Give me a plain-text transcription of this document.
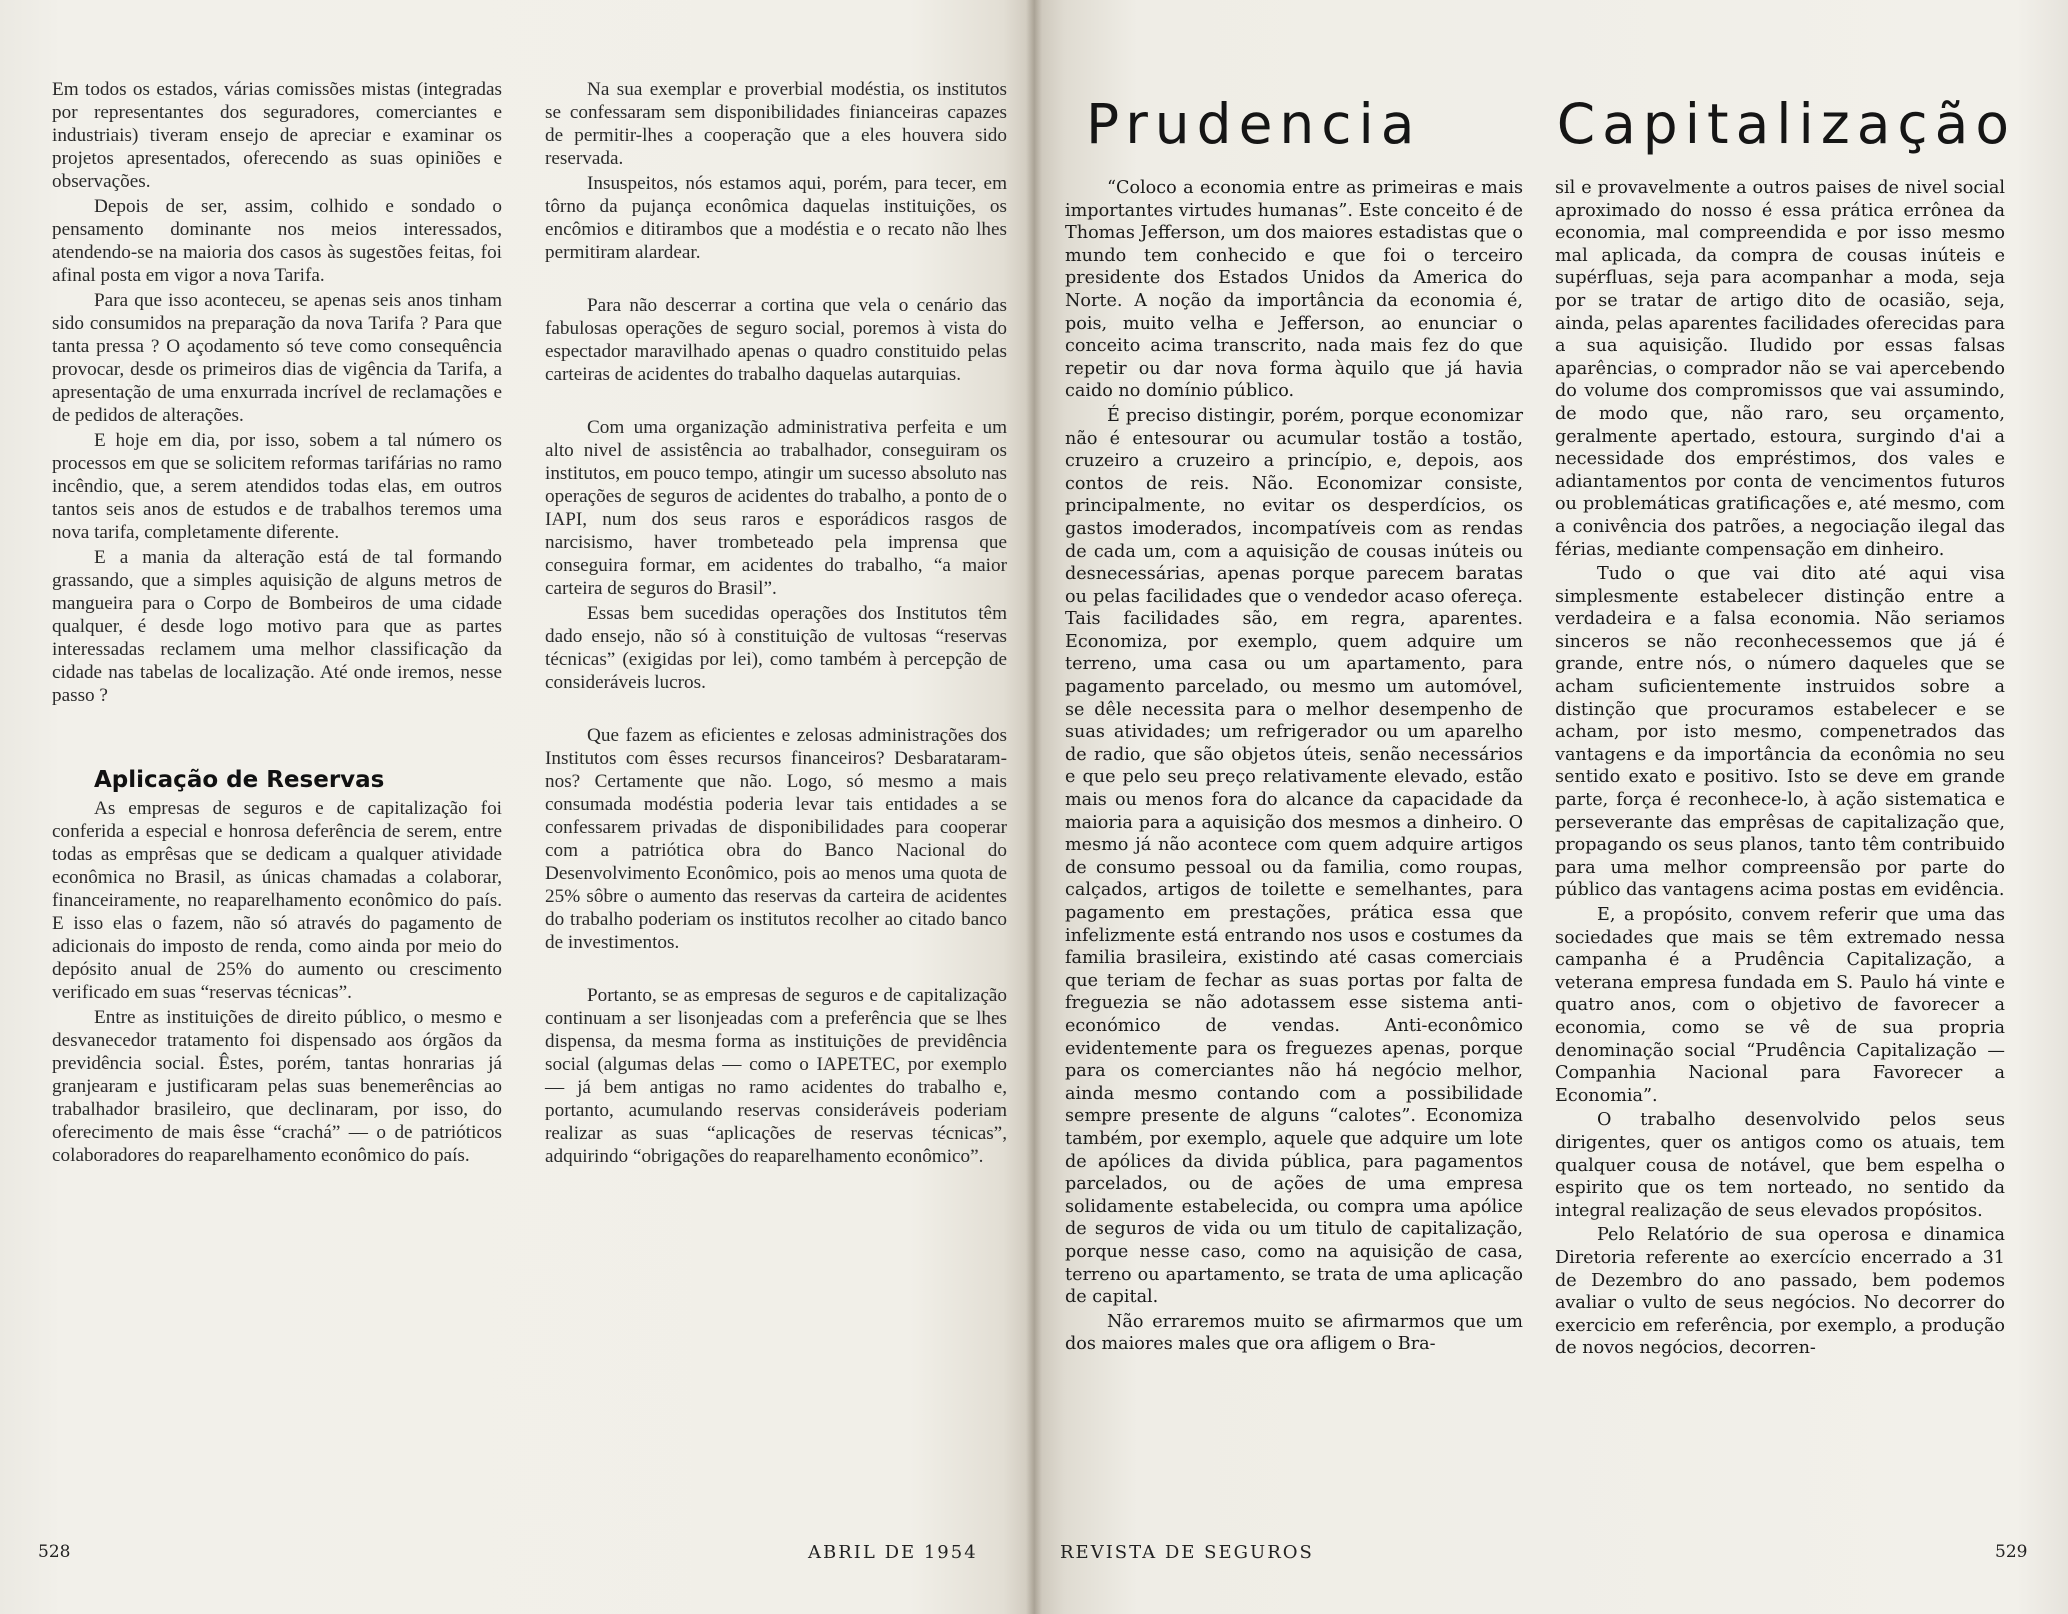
Em todos os estados, várias comissões mistas (integradas por representantes dos seguradores, comerciantes e industriais) tiveram ensejo de apreciar e examinar os projetos apresentados, oferecendo as suas opiniões e observações.

Depois de ser, assim, colhido e sondado o pensamento dominante nos meios interessados, atendendo-se na maioria dos casos às sugestões feitas, foi afinal posta em vigor a nova Tarifa.

Para que isso aconteceu, se apenas seis anos tinham sido consumidos na preparação da nova Tarifa ? Para que tanta pressa ? O açodamento só teve como consequência provocar, desde os primeiros dias de vigência da Tarifa, a apresentação de uma enxurrada incrível de reclamações e de pedidos de alterações.

E hoje em dia, por isso, sobem a tal número os processos em que se solicitem reformas tarifárias no ramo incêndio, que, a serem atendidos todas elas, em outros tantos seis anos de estudos e de trabalhos teremos uma nova tarifa, completamente diferente.

E a mania da alteração está de tal formando grassando, que a simples aquisição de alguns metros de mangueira para o Corpo de Bombeiros de uma cidade qualquer, é desde logo motivo para que as partes interessadas reclamem uma melhor classificação da cidade nas tabelas de localização. Até onde iremos, nesse passo ?

Aplicação de Reservas

As empresas de seguros e de capitalização foi conferida a especial e honrosa deferência de serem, entre todas as emprêsas que se dedicam a qualquer atividade econômica no Brasil, as únicas chamadas a colaborar, financeiramente, no reaparelhamento econômico do país. E isso elas o fazem, não só através do pagamento de adicionais do imposto de renda, como ainda por meio do depósito anual de 25% do aumento ou crescimento verificado em suas “reservas técnicas”.

Entre as instituições de direito público, o mesmo e desvanecedor tratamento foi dispensado aos órgãos da previdência social. Êstes, porém, tantas honrarias já granjearam e justificaram pelas suas benemerências ao trabalhador brasileiro, que declinaram, por isso, do oferecimento de mais êsse “crachá” — o de patrióticos colaboradores do reaparelhamento econômico do país.

Na sua exemplar e proverbial modéstia, os institutos se confessaram sem disponibilidades finianceiras capazes de permitir-lhes a cooperação que a eles houvera sido reservada.

Insuspeitos, nós estamos aqui, porém, para tecer, em tôrno da pujança econômica daquelas instituições, os encômios e ditirambos que a modéstia e o recato não lhes permitiram alardear.

Para não descerrar a cortina que vela o cenário das fabulosas operações de seguro social, poremos à vista do espectador maravilhado apenas o quadro constituido pelas carteiras de acidentes do trabalho daquelas autarquias.

Com uma organização administrativa perfeita e um alto nivel de assistência ao trabalhador, conseguiram os institutos, em pouco tempo, atingir um sucesso absoluto nas operações de seguros de acidentes do trabalho, a ponto de o IAPI, num dos seus raros e esporádicos rasgos de narcisismo, haver trombeteado pela imprensa que conseguira formar, em acidentes do trabalho, “a maior carteira de seguros do Brasil”.

Essas bem sucedidas operações dos Institutos têm dado ensejo, não só à constituição de vultosas “reservas técnicas” (exigidas por lei), como também à percepção de consideráveis lucros.

Que fazem as eficientes e zelosas administrações dos Institutos com êsses recursos financeiros? Desbarataram-nos? Certamente que não. Logo, só mesmo a mais consumada modéstia poderia levar tais entidades a se confessarem privadas de disponibilidades para cooperar com a patriótica obra do Banco Nacional do Desenvolvimento Econômico, pois ao menos uma quota de 25% sôbre o aumento das reservas da carteira de acidentes do trabalho poderiam os institutos recolher ao citado banco de investimentos.

Portanto, se as empresas de seguros e de capitalização continuam a ser lisonjeadas com a preferência que se lhes dispensa, da mesma forma as instituições de previdência social (algumas delas — como o IAPETEC, por exemplo — já bem antigas no ramo acidentes do trabalho e, portanto, acumulando reservas consideráveis poderiam realizar as suas “aplicações de reservas técnicas”, adquirindo “obrigações do reaparelhamento econômico”.

528	ABRIL DE 1954
Prudencia Capitalização

“Coloco a economia entre as primeiras e mais importantes virtudes humanas”. Este conceito é de Thomas Jefferson, um dos maiores estadistas que o mundo tem conhecido e que foi o terceiro presidente dos Estados Unidos da America do Norte. A noção da importância da economia é, pois, muito velha e Jefferson, ao enunciar o conceito acima transcrito, nada mais fez do que repetir ou dar nova forma àquilo que já havia caido no domínio público.

É preciso distingir, porém, porque economizar não é entesourar ou acumular tostão a tostão, cruzeiro a cruzeiro a princípio, e, depois, aos contos de reis. Não. Economizar consiste, principalmente, no evitar os desperdícios, os gastos imoderados, incompatíveis com as rendas de cada um, com a aquisição de cousas inúteis ou desnecessárias, apenas porque parecem baratas ou pelas facilidades que o vendedor acaso ofereça. Tais facilidades são, em regra, aparentes. Economiza, por exemplo, quem adquire um terreno, uma casa ou um apartamento, para pagamento parcelado, ou mesmo um automóvel, se dêle necessita para o melhor desempenho de suas atividades; um refrigerador ou um aparelho de radio, que são objetos úteis, senão necessários e que pelo seu preço relativamente elevado, estão mais ou menos fora do alcance da capacidade da maioria para a aquisição dos mesmos a dinheiro. O mesmo já não acontece com quem adquire artigos de consumo pessoal ou da familia, como roupas, calçados, artigos de toilette e semelhantes, para pagamento em prestações, prática essa que infelizmente está entrando nos usos e costumes da familia brasileira, existindo até casas comerciais que teriam de fechar as suas portas por falta de freguezia se não adotassem esse sistema anti-económico de vendas. Anti-econômico evidentemente para os freguezes apenas, porque para os comerciantes não há negócio melhor, ainda mesmo contando com a possibilidade sempre presente de alguns “calotes”. Economiza também, por exemplo, aquele que adquire um lote de apólices da divida pública, para pagamentos parcelados, ou de ações de uma empresa solidamente estabelecida, ou compra uma apólice de seguros de vida ou um titulo de capitalização, porque nesse caso, como na aquisição de casa, terreno ou apartamento, se trata de uma aplicação de capital.

Não erraremos muito se afirmarmos que um dos maiores males que ora afligem o Bra-

sil e provavelmente a outros paises de nivel social aproximado do nosso é essa prática errônea da economia, mal compreendida e por isso mesmo mal aplicada, da compra de cousas inúteis e supérfluas, seja para acompanhar a moda, seja por se tratar de artigo dito de ocasião, seja, ainda, pelas aparentes facilidades oferecidas para a sua aquisição. Iludido por essas falsas aparências, o comprador não se vai apercebendo do volume dos compromissos que vai assumindo, de modo que, não raro, seu orçamento, geralmente apertado, estoura, surgindo d'ai a necessidade dos empréstimos, dos vales e adiantamentos por conta de vencimentos futuros ou problemáticas gratificações e, até mesmo, com a conivência dos patrões, a negociação ilegal das férias, mediante compensação em dinheiro.

Tudo o que vai dito até aqui visa simplesmente estabelecer distinção entre a verdadeira e a falsa economia. Não seriamos sinceros se não reconhecessemos que já é grande, entre nós, o número daqueles que se acham suficientemente instruidos sobre a distinção que procuramos estabelecer e se acham, por isto mesmo, compenetrados das vantagens e da importância da econômia no seu sentido exato e positivo. Isto se deve em grande parte, força é reconhece-lo, à ação sistematica e perseverante das emprêsas de capitalização que, propagando os seus planos, tanto têm contribuido para uma melhor compreensão por parte do público das vantagens acima postas em evidência.

E, a propósito, convem referir que uma das sociedades que mais se têm extremado nessa campanha é a Prudência Capitalização, a veterana empresa fundada em S. Paulo há vinte e quatro anos, com o objetivo de favorecer a economia, como se vê de sua propria denominação social “Prudência Capitalização — Companhia Nacional para Favorecer a Economia”.

O trabalho desenvolvido pelos seus dirigentes, quer os antigos como os atuais, tem qualquer cousa de notável, que bem espelha o espirito que os tem norteado, no sentido da integral realização de seus elevados propósitos.

Pelo Relatório de sua operosa e dinamica Diretoria referente ao exercício encerrado a 31 de Dezembro do ano passado, bem podemos avaliar o vulto de seus negócios. No decorrer do exercicio em referência, por exemplo, a produção de novos negócios, decorren-

REVISTA DE SEGUROS	529
